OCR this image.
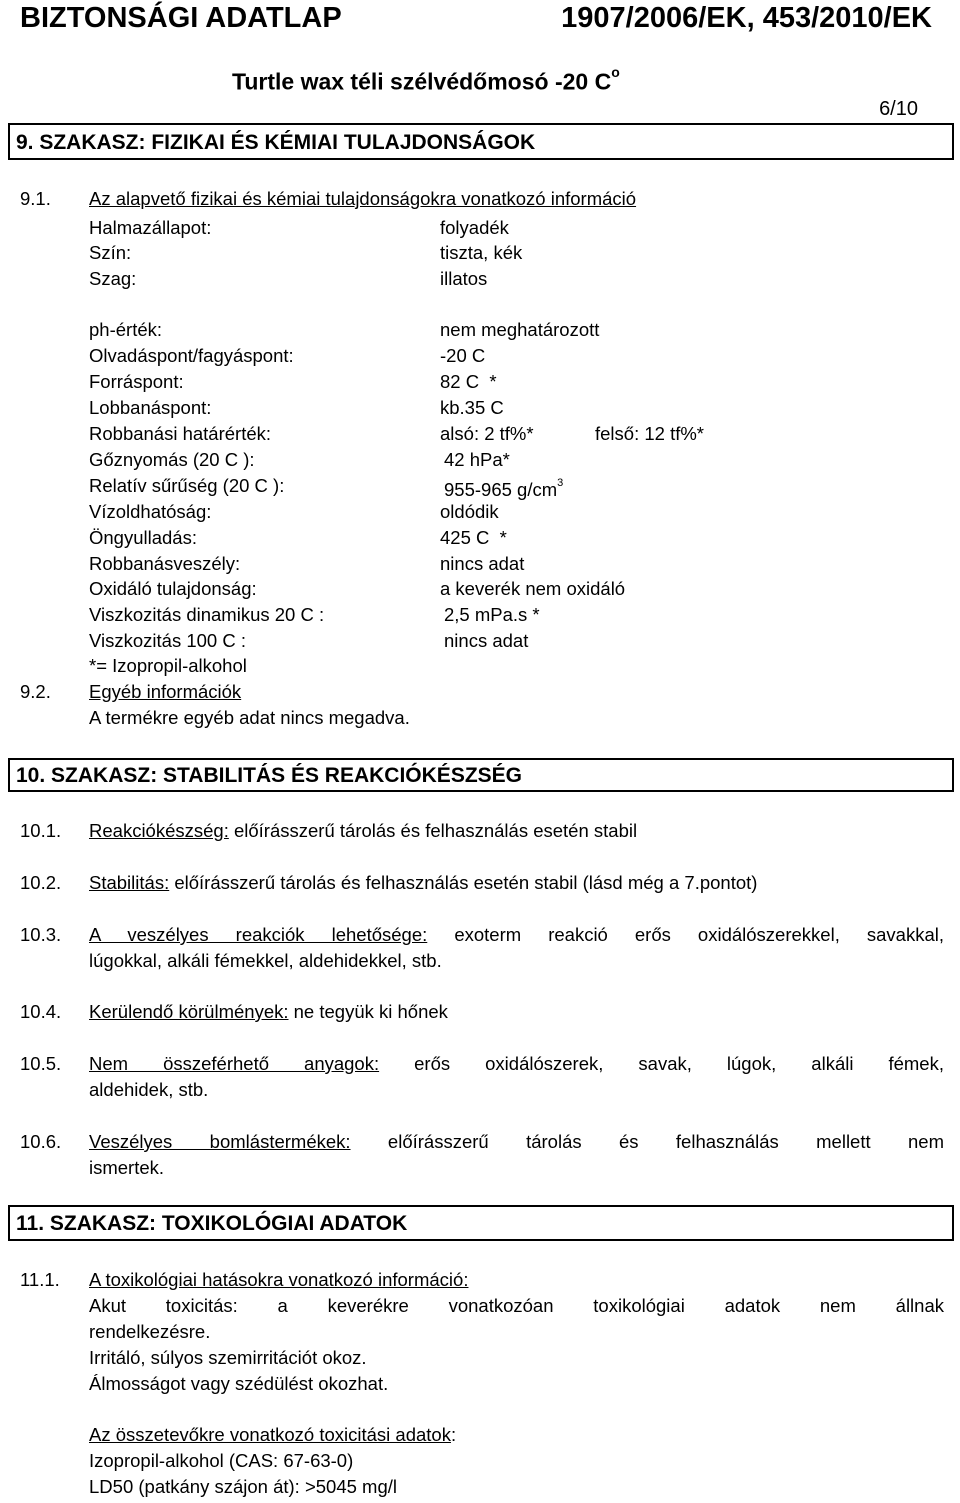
BIZTONSÁGI ADATLAP	1907/2006/EK, 453/2010/EK
Turtle wax téli szélvédőmosó -20 $C^o$
6/10
9. SZAKASZ: FIZIKAI ÉS KÉMIAI TULAJDONSÁGOK
9.1. Az alapvető fizikai és kémiai tulajdonságokra vonatkozó információ
Halmazállapot:	folyadék
Szín:	tiszta, kék
Szag:	illatos
ph-érték:	nem meghatározott
Olvadáspont/fagyáspont:	-20 C
Forráspont:	82 C  *
Lobbanáspont:	kb.35 C
Robbanási határérték:	alsó: 2 tf%*	felső: 12 tf%*
Gőznyomás (20 C ):	42 hPa*
Relatív sűrűség (20 C ):	955-965 $g/cm^3$
Vízoldhatóság:	oldódik
Öngyulladás:	425 C  *
Robbanásveszély:	nincs adat
Oxidáló tulajdonság:	a keverék nem oxidáló
Viszkozitás dinamikus 20 C :	2,5 mPa.s *
Viszkozitás 100 C :	nincs adat
*= Izopropil-alkohol
9.2. Egyéb információk
A termékre egyéb adat nincs megadva.
10. SZAKASZ: STABILITÁS ÉS REAKCIÓKÉSZSÉG
10.1. Reakciókészség: előírásszerű tárolás és felhasználás esetén stabil
10.2. Stabilitás: előírásszerű tárolás és felhasználás esetén stabil (lásd még a 7.pontot)
10.3. A veszélyes reakciók lehetősége: exoterm reakció erős oxidálószerekkel, savakkal,
lúgokkal, alkáli fémekkel, aldehidekkel, stb.
10.4. Kerülendő körülmények: ne tegyük ki hőnek
10.5. Nem összeférhető anyagok: erős oxidálószerek, savak, lúgok, alkáli fémek,
aldehidek, stb.
10.6. Veszélyes bomlástermékek: előírásszerű tárolás és felhasználás mellett nem
ismertek.
11. SZAKASZ: TOXIKOLÓGIAI ADATOK
11.1. A toxikológiai hatásokra vonatkozó információ:
Akut toxicitás: a keverékre vonatkozóan toxikológiai adatok nem állnak
rendelkezésre.
Irritáló, súlyos szemirritációt okoz.
Álmosságot vagy szédülést okozhat.
Az összetevőkre vonatkozó toxicitási adatok:
Izopropil-alkohol (CAS: 67-63-0)
LD50 (patkány szájon át): >5045 mg/l
